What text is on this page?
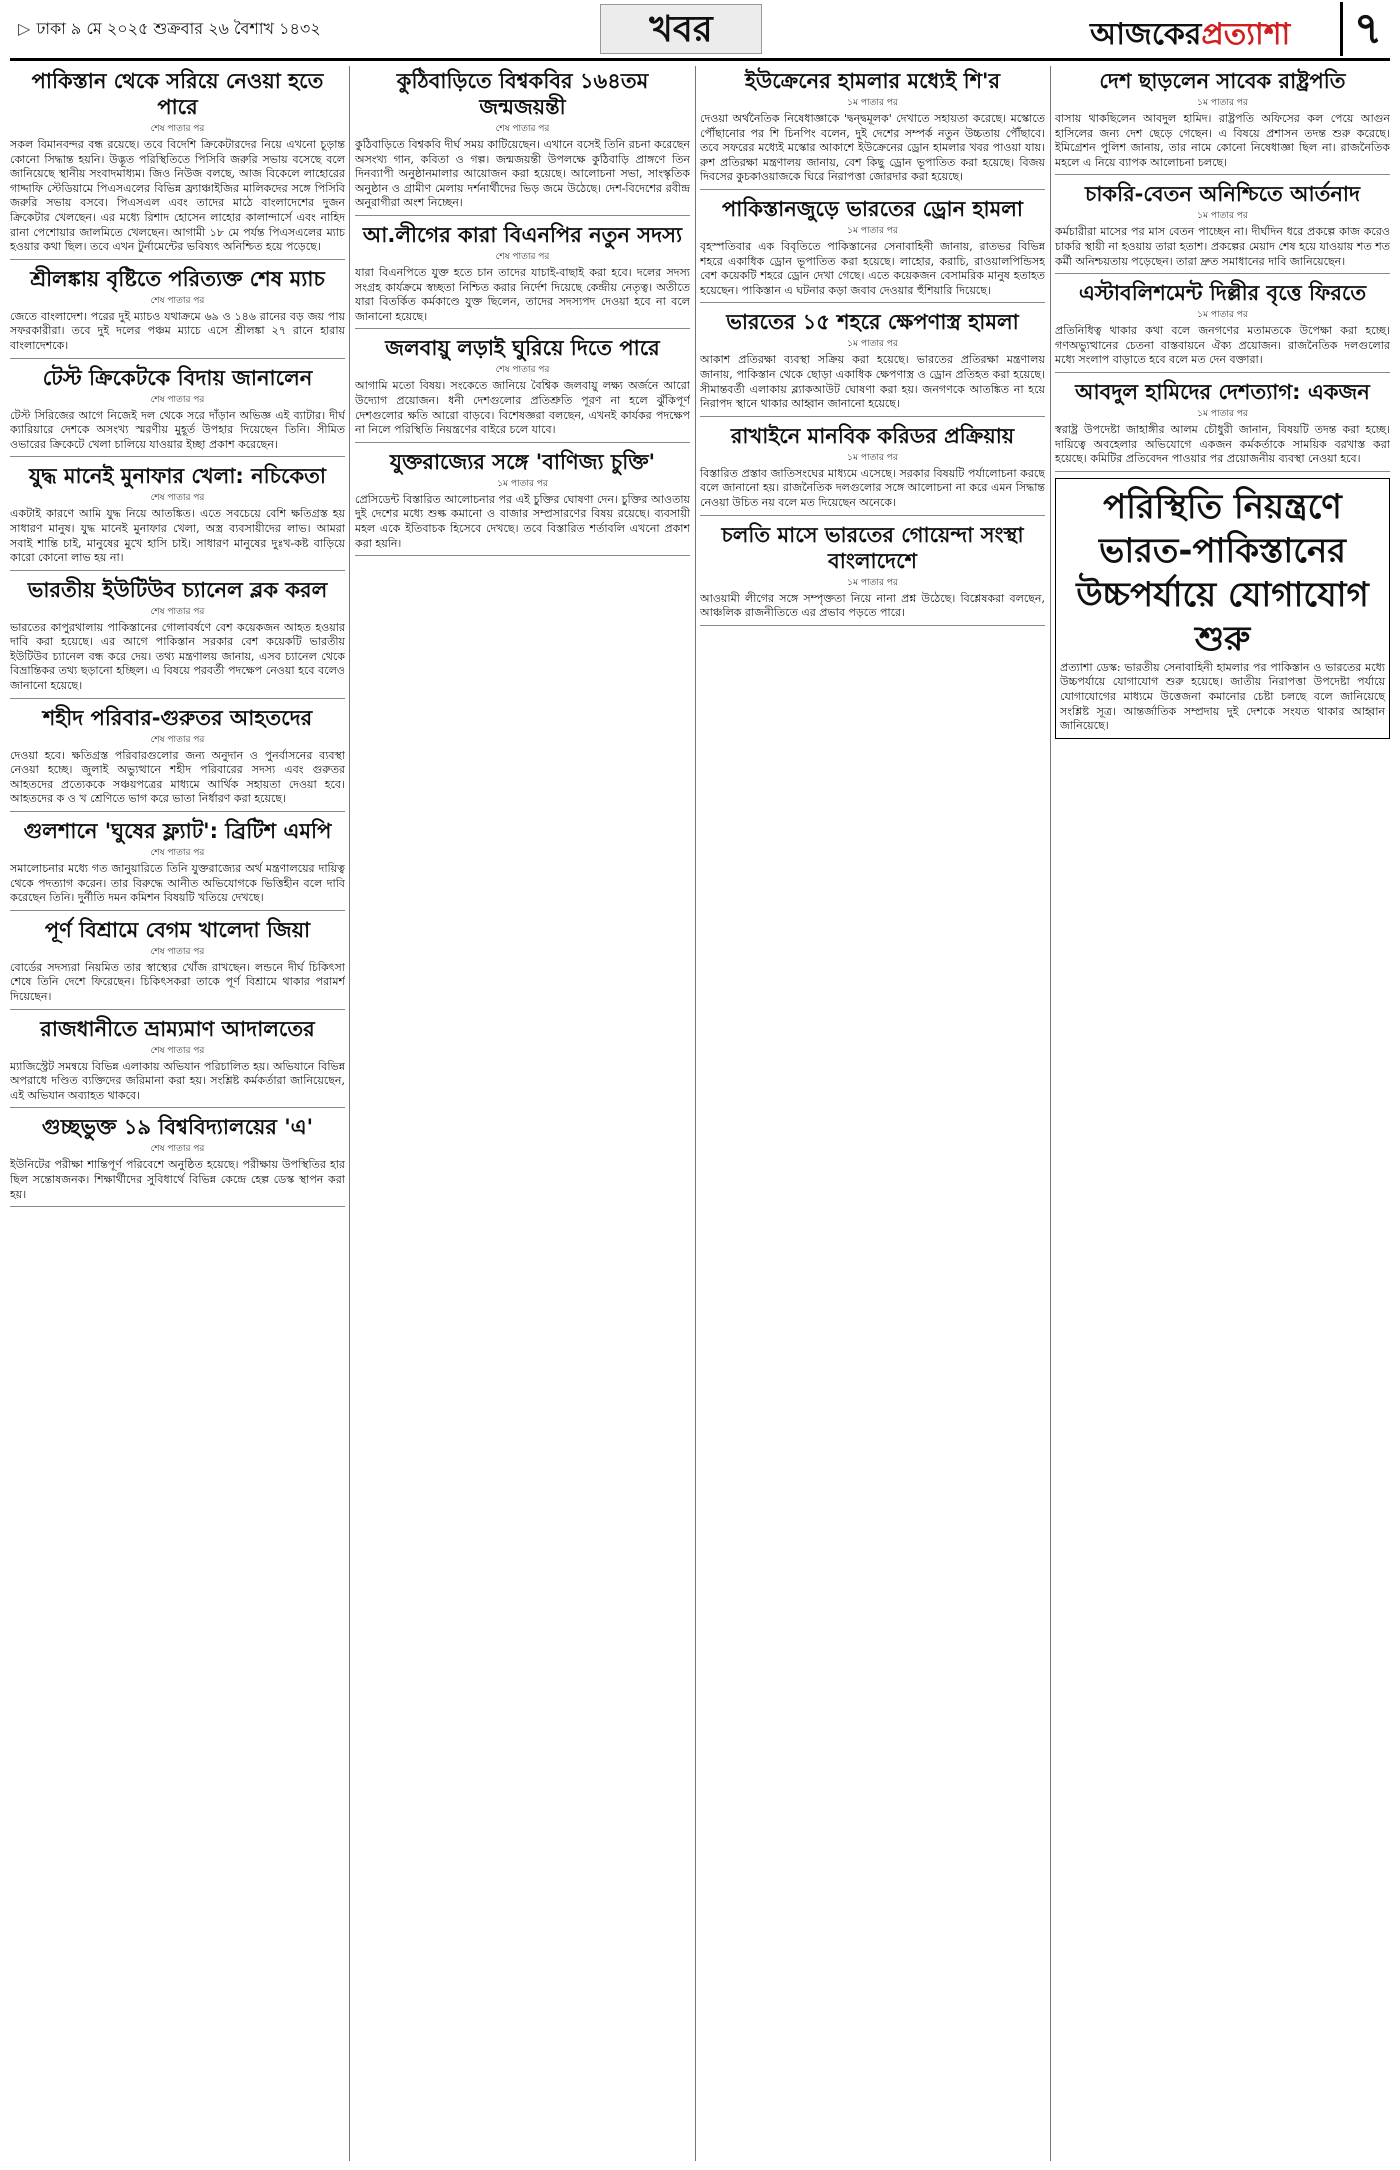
▷ ঢাকা ৯ মে ২০২৫ শুক্রবার ২৬ বৈশাখ ১৪৩২	খবর	আজকেরপ্রত্যাশা	৭
পাকিস্তান থেকে সরিয়ে নেওয়া হতে পারে
শেষ পাতার পর

সকল বিমানবন্দর বন্ধ রয়েছে। তবে বিদেশি ক্রিকেটারদের নিয়ে এখনো চূড়ান্ত কোনো সিদ্ধান্ত হয়নি। উদ্ভূত পরিস্থিতিতে পিসিবি জরুরি সভায় বসেছে বলে জানিয়েছে স্থানীয় সংবাদমাধ্যম। জিও নিউজ বলছে, আজ বিকেলে লাহোরের গাদ্দাফি স্টেডিয়ামে পিএসএলের বিভিন্ন ফ্র্যাঞ্চাইজির মালিকদের সঙ্গে পিসিবি জরুরি সভায় বসবে। পিএসএল এবং তাদের মাঠে বাংলাদেশের দুজন ক্রিকেটার খেলছেন। এর মধ্যে রিশাদ হোসেন লাহোর কালান্দার্সে এবং নাহিদ রানা পেশোয়ার জালমিতে খেলছেন। আগামী ১৮ মে পর্যন্ত পিএসএলের ম্যাচ হওয়ার কথা ছিল। তবে এখন টুর্নামেন্টের ভবিষ্যৎ অনিশ্চিত হয়ে পড়েছে।

শ্রীলঙ্কায় বৃষ্টিতে পরিত্যক্ত শেষ ম্যাচ
শেষ পাতার পর

জেতে বাংলাদেশ। পরের দুই ম্যাচও যথাক্রমে ৬৯ ও ১৪৬ রানের বড় জয় পায় সফরকারীরা। তবে দুই দলের পঞ্চম ম্যাচে এসে শ্রীলঙ্কা ২৭ রানে হারায় বাংলাদেশকে।

টেস্ট ক্রিকেটকে বিদায় জানালেন
শেষ পাতার পর

টেস্ট সিরিজের আগে নিজেই দল থেকে সরে দাঁড়ান অভিজ্ঞ এই ব্যাটার। দীর্ঘ ক্যারিয়ারে দেশকে অসংখ্য স্মরণীয় মুহূর্ত উপহার দিয়েছেন তিনি। সীমিত ওভারের ক্রিকেটে খেলা চালিয়ে যাওয়ার ইচ্ছা প্রকাশ করেছেন।

যুদ্ধ মানেই মুনাফার খেলা: নচিকেতা
শেষ পাতার পর

একটাই কারণে আমি যুদ্ধ নিয়ে আতঙ্কিত। এতে সবচেয়ে বেশি ক্ষতিগ্রস্ত হয় সাধারণ মানুষ। যুদ্ধ মানেই মুনাফার খেলা, অস্ত্র ব্যবসায়ীদের লাভ। আমরা সবাই শান্তি চাই, মানুষের মুখে হাসি চাই। সাধারণ মানুষের দুঃখ-কষ্ট বাড়িয়ে কারো কোনো লাভ হয় না।

ভারতীয় ইউটিউব চ্যানেল ব্লক করল
শেষ পাতার পর

ভারতের কাপুরথালায় পাকিস্তানের গোলাবর্ষণে বেশ কয়েকজন আহত হওয়ার দাবি করা হয়েছে। এর আগে পাকিস্তান সরকার বেশ কয়েকটি ভারতীয় ইউটিউব চ্যানেল বন্ধ করে দেয়। তথ্য মন্ত্রণালয় জানায়, এসব চ্যানেল থেকে বিভ্রান্তিকর তথ্য ছড়ানো হচ্ছিল। এ বিষয়ে পরবর্তী পদক্ষেপ নেওয়া হবে বলেও জানানো হয়েছে।

শহীদ পরিবার-গুরুতর আহতদের
শেষ পাতার পর

দেওয়া হবে। ক্ষতিগ্রস্ত পরিবারগুলোর জন্য অনুদান ও পুনর্বাসনের ব্যবস্থা নেওয়া হচ্ছে। জুলাই অভ্যুত্থানে শহীদ পরিবারের সদস্য এবং গুরুতর আহতদের প্রত্যেককে সঞ্চয়পত্রের মাধ্যমে আর্থিক সহায়তা দেওয়া হবে। আহতদের ক ও খ শ্রেণিতে ভাগ করে ভাতা নির্ধারণ করা হয়েছে।

গুলশানে 'ঘুষের ফ্ল্যাট': ব্রিটিশ এমপি
শেষ পাতার পর

সমালোচনার মধ্যে গত জানুয়ারিতে তিনি যুক্তরাজ্যের অর্থ মন্ত্রণালয়ের দায়িত্ব থেকে পদত্যাগ করেন। তার বিরুদ্ধে আনীত অভিযোগকে ভিত্তিহীন বলে দাবি করেছেন তিনি। দুর্নীতি দমন কমিশন বিষয়টি খতিয়ে দেখছে।

পূর্ণ বিশ্রামে বেগম খালেদা জিয়া
শেষ পাতার পর

বোর্ডের সদস্যরা নিয়মিত তার স্বাস্থ্যের খোঁজ রাখছেন। লন্ডনে দীর্ঘ চিকিৎসা শেষে তিনি দেশে ফিরেছেন। চিকিৎসকরা তাকে পূর্ণ বিশ্রামে থাকার পরামর্শ দিয়েছেন।

রাজধানীতে ভ্রাম্যমাণ আদালতের
শেষ পাতার পর

ম্যাজিস্ট্রেট সমন্বয়ে বিভিন্ন এলাকায় অভিযান পরিচালিত হয়। অভিযানে বিভিন্ন অপরাধে দণ্ডিত ব্যক্তিদের জরিমানা করা হয়। সংশ্লিষ্ট কর্মকর্তারা জানিয়েছেন, এই অভিযান অব্যাহত থাকবে।

গুচ্ছভুক্ত ১৯ বিশ্ববিদ্যালয়ের 'এ'
শেষ পাতার পর

ইউনিটের পরীক্ষা শান্তিপূর্ণ পরিবেশে অনুষ্ঠিত হয়েছে। পরীক্ষায় উপস্থিতির হার ছিল সন্তোষজনক। শিক্ষার্থীদের সুবিধার্থে বিভিন্ন কেন্দ্রে হেল্প ডেস্ক স্থাপন করা হয়।

কুঠিবাড়িতে বিশ্বকবির ১৬৪তম জন্মজয়ন্তী
শেষ পাতার পর

কুঠিবাড়িতে বিশ্বকবি দীর্ঘ সময় কাটিয়েছেন। এখানে বসেই তিনি রচনা করেছেন অসংখ্য গান, কবিতা ও গল্প। জন্মজয়ন্তী উপলক্ষে কুঠিবাড়ি প্রাঙ্গণে তিন দিনব্যাপী অনুষ্ঠানমালার আয়োজন করা হয়েছে। আলোচনা সভা, সাংস্কৃতিক অনুষ্ঠান ও গ্রামীণ মেলায় দর্শনার্থীদের ভিড় জমে উঠেছে। দেশ-বিদেশের রবীন্দ্র অনুরাগীরা অংশ নিচ্ছেন।

আ.লীগের কারা বিএনপির নতুন সদস্য
শেষ পাতার পর

যারা বিএনপিতে যুক্ত হতে চান তাদের যাচাই-বাছাই করা হবে। দলের সদস্য সংগ্রহ কার্যক্রমে স্বচ্ছতা নিশ্চিত করার নির্দেশ দিয়েছে কেন্দ্রীয় নেতৃত্ব। অতীতে যারা বিতর্কিত কর্মকাণ্ডে যুক্ত ছিলেন, তাদের সদস্যপদ দেওয়া হবে না বলে জানানো হয়েছে।

জলবায়ু লড়াই ঘুরিয়ে দিতে পারে
শেষ পাতার পর

আগামি মতো বিষয়। সংকেতে জানিয়ে বৈশ্বিক জলবায়ু লক্ষ্য অর্জনে আরো উদ্যোগ প্রয়োজন। ধনী দেশগুলোর প্রতিশ্রুতি পূরণ না হলে ঝুঁকিপূর্ণ দেশগুলোর ক্ষতি আরো বাড়বে। বিশেষজ্ঞরা বলছেন, এখনই কার্যকর পদক্ষেপ না নিলে পরিস্থিতি নিয়ন্ত্রণের বাইরে চলে যাবে।

যুক্তরাজ্যের সঙ্গে 'বাণিজ্য চুক্তি'
১ম পাতার পর

প্রেসিডেন্ট বিস্তারিত আলোচনার পর এই চুক্তির ঘোষণা দেন। চুক্তির আওতায় দুই দেশের মধ্যে শুল্ক কমানো ও বাজার সম্প্রসারণের বিষয় রয়েছে। ব্যবসায়ী মহল একে ইতিবাচক হিসেবে দেখছে। তবে বিস্তারিত শর্তাবলি এখনো প্রকাশ করা হয়নি।

ইউক্রেনের হামলার মধ্যেই শি'র
১ম পাতার পর

দেওয়া অর্থনৈতিক নিষেধাজ্ঞাকে 'দ্বন্দ্বমূলক' দেখাতে সহায়তা করেছে। মস্কোতে পৌঁছানোর পর শি চিনপিং বলেন, দুই দেশের সম্পর্ক নতুন উচ্চতায় পৌঁছাবে। তবে সফরের মধ্যেই মস্কোর আকাশে ইউক্রেনের ড্রোন হামলার খবর পাওয়া যায়। রুশ প্রতিরক্ষা মন্ত্রণালয় জানায়, বেশ কিছু ড্রোন ভূপাতিত করা হয়েছে। বিজয় দিবসের কুচকাওয়াজকে ঘিরে নিরাপত্তা জোরদার করা হয়েছে।

পাকিস্তানজুড়ে ভারতের ড্রোন হামলা
১ম পাতার পর

বৃহস্পতিবার এক বিবৃতিতে পাকিস্তানের সেনাবাহিনী জানায়, রাতভর বিভিন্ন শহরে একাধিক ড্রোন ভূপাতিত করা হয়েছে। লাহোর, করাচি, রাওয়ালপিন্ডিসহ বেশ কয়েকটি শহরে ড্রোন দেখা গেছে। এতে কয়েকজন বেসামরিক মানুষ হতাহত হয়েছেন। পাকিস্তান এ ঘটনার কড়া জবাব দেওয়ার হুঁশিয়ারি দিয়েছে।

ভারতের ১৫ শহরে ক্ষেপণাস্ত্র হামলা
১ম পাতার পর

আকাশ প্রতিরক্ষা ব্যবস্থা সক্রিয় করা হয়েছে। ভারতের প্রতিরক্ষা মন্ত্রণালয় জানায়, পাকিস্তান থেকে ছোড়া একাধিক ক্ষেপণাস্ত্র ও ড্রোন প্রতিহত করা হয়েছে। সীমান্তবর্তী এলাকায় ব্ল্যাকআউট ঘোষণা করা হয়। জনগণকে আতঙ্কিত না হয়ে নিরাপদ স্থানে থাকার আহ্বান জানানো হয়েছে।

রাখাইনে মানবিক করিডর প্রক্রিয়ায়
১ম পাতার পর

বিস্তারিত প্রস্তাব জাতিসংঘের মাধ্যমে এসেছে। সরকার বিষয়টি পর্যালোচনা করছে বলে জানানো হয়। রাজনৈতিক দলগুলোর সঙ্গে আলোচনা না করে এমন সিদ্ধান্ত নেওয়া উচিত নয় বলে মত দিয়েছেন অনেকে।

চলতি মাসে ভারতের গোয়েন্দা সংস্থা বাংলাদেশে
১ম পাতার পর

আওয়ামী লীগের সঙ্গে সম্পৃক্ততা নিয়ে নানা প্রশ্ন উঠেছে। বিশ্লেষকরা বলছেন, আঞ্চলিক রাজনীতিতে এর প্রভাব পড়তে পারে।

দেশ ছাড়লেন সাবেক রাষ্ট্রপতি
১ম পাতার পর

বাসায় থাকছিলেন আবদুল হামিদ। রাষ্ট্রপতি অফিসের কল পেয়ে আগুন হাসিলের জন্য দেশ ছেড়ে গেছেন। এ বিষয়ে প্রশাসন তদন্ত শুরু করেছে। ইমিগ্রেশন পুলিশ জানায়, তার নামে কোনো নিষেধাজ্ঞা ছিল না। রাজনৈতিক মহলে এ নিয়ে ব্যাপক আলোচনা চলছে।

চাকরি-বেতন অনিশ্চিতে আর্তনাদ
১ম পাতার পর

কর্মচারীরা মাসের পর মাস বেতন পাচ্ছেন না। দীর্ঘদিন ধরে প্রকল্পে কাজ করেও চাকরি স্থায়ী না হওয়ায় তারা হতাশ। প্রকল্পের মেয়াদ শেষ হয়ে যাওয়ায় শত শত কর্মী অনিশ্চয়তায় পড়েছেন। তারা দ্রুত সমাধানের দাবি জানিয়েছেন।

এস্টাবলিশমেন্ট দিল্লীর বৃত্তে ফিরতে
১ম পাতার পর

প্রতিনিধিত্ব থাকার কথা বলে জনগণের মতামতকে উপেক্ষা করা হচ্ছে। গণঅভ্যুত্থানের চেতনা বাস্তবায়নে ঐক্য প্রয়োজন। রাজনৈতিক দলগুলোর মধ্যে সংলাপ বাড়াতে হবে বলে মত দেন বক্তারা।

আবদুল হামিদের দেশত্যাগ: একজন
১ম পাতার পর

স্বরাষ্ট্র উপদেষ্টা জাহাঙ্গীর আলম চৌধুরী জানান, বিষয়টি তদন্ত করা হচ্ছে। দায়িত্বে অবহেলার অভিযোগে একজন কর্মকর্তাকে সাময়িক বরখাস্ত করা হয়েছে। কমিটির প্রতিবেদন পাওয়ার পর প্রয়োজনীয় ব্যবস্থা নেওয়া হবে।

পরিস্থিতি নিয়ন্ত্রণে ভারত-পাকিস্তানের উচ্চপর্যায়ে যোগাযোগ শুরু

প্রত্যাশা ডেস্ক: ভারতীয় সেনাবাহিনী হামলার পর পাকিস্তান ও ভারতের মধ্যে উচ্চপর্যায়ে যোগাযোগ শুরু হয়েছে। জাতীয় নিরাপত্তা উপদেষ্টা পর্যায়ে যোগাযোগের মাধ্যমে উত্তেজনা কমানোর চেষ্টা চলছে বলে জানিয়েছে সংশ্লিষ্ট সূত্র। আন্তর্জাতিক সম্প্রদায় দুই দেশকে সংযত থাকার আহ্বান জানিয়েছে।
